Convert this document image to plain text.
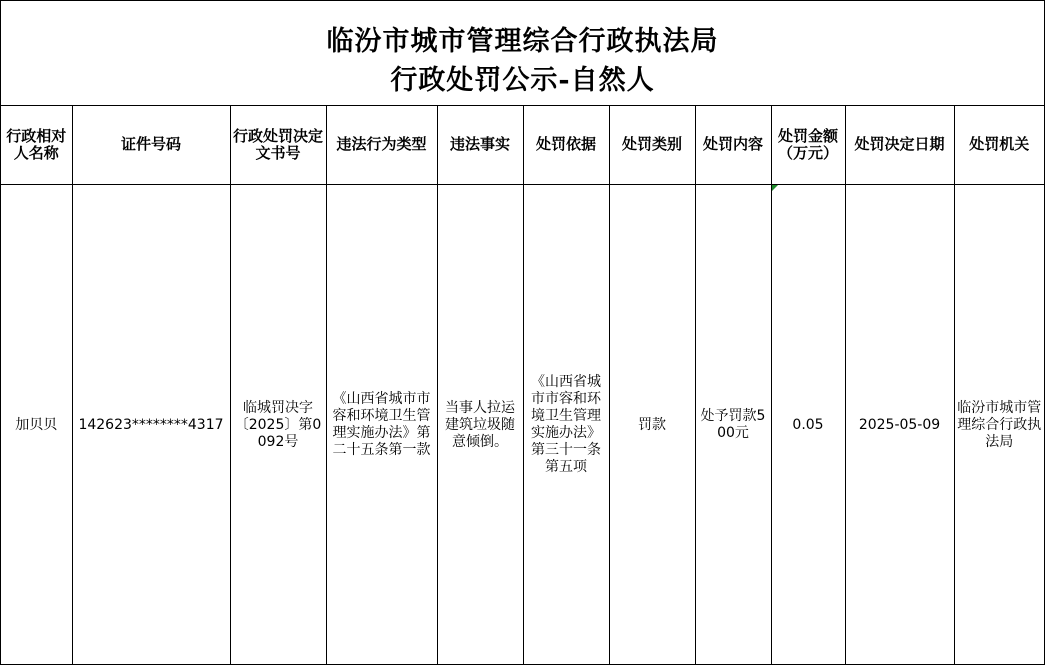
临汾市城市管理综合行政执法局
行政处罚公示-自然人
行政相对人名称	证件号码	行政处罚决定文书号	违法行为类型	违法事实	处罚依据	处罚类别	处罚内容	处罚金额（万元）	处罚决定日期	处罚机关
加贝贝	142623********4317	临城罚决字〔2025〕第0092号	《山西省城市市容和环境卫生管理实施办法》第二十五条第一款	当事人拉运建筑垃圾随意倾倒。	《山西省城市市容和环境卫生管理实施办法》第三十一条第五项	罚款	处予罚款500元	0.05	2025-05-09	临汾市城市管理综合行政执法局
